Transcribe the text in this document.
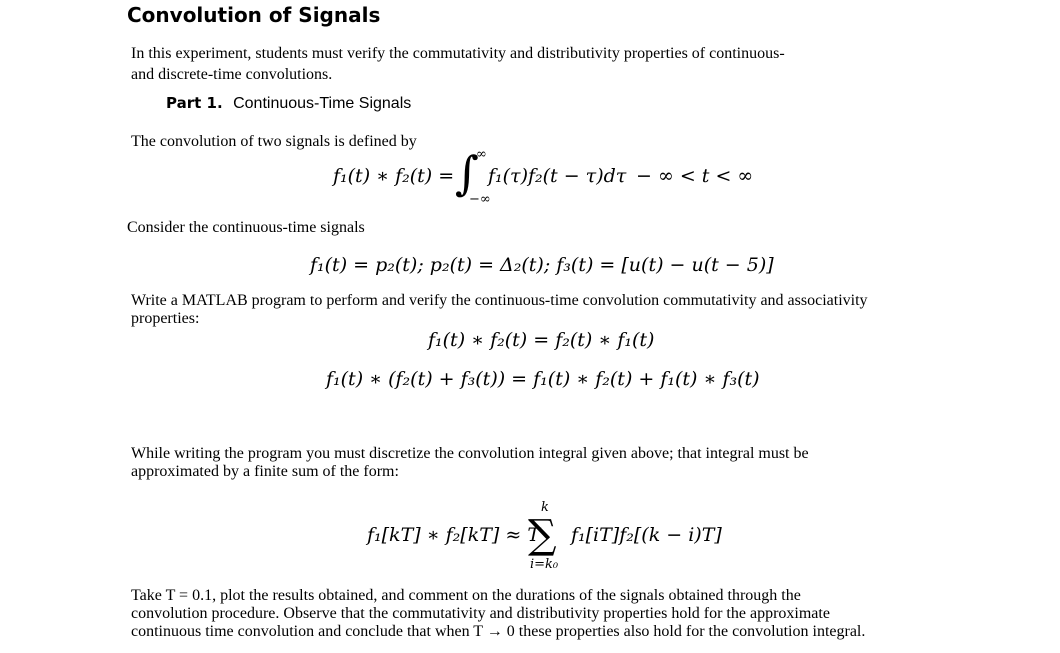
Convolution of Signals
In this experiment, students must verify the commutativity and distributivity properties of continuous-
and discrete-time convolutions.
Part 1. Continuous-Time Signals
The convolution of two signals is defined by
f₁(t) ∗ f₂(t) = ∫
∞
−∞
f₁(τ)f₂(t − τ)dτ − ∞ < t < ∞
Consider the continuous-time signals
f₁(t) = p₂(t); p₂(t) = Δ₂(t); f₃(t) = [u(t) − u(t − 5)]
Write a MATLAB program to perform and verify the continuous-time convolution commutativity and associativity
properties:
f₁(t) ∗ f₂(t) = f₂(t) ∗ f₁(t)
f₁(t) ∗ (f₂(t) + f₃(t)) = f₁(t) ∗ f₂(t) + f₁(t) ∗ f₃(t)
While writing the program you must discretize the convolution integral given above; that integral must be
approximated by a finite sum of the form:
f₁[kT] ∗ f₂[kT] ≈ T
k
∑
i=k₀
f₁[iT]f₂[(k − i)T]
Take T = 0.1, plot the results obtained, and comment on the durations of the signals obtained through the
convolution procedure. Observe that the commutativity and distributivity properties hold for the approximate
continuous time convolution and conclude that when T → 0 these properties also hold for the convolution integral.
